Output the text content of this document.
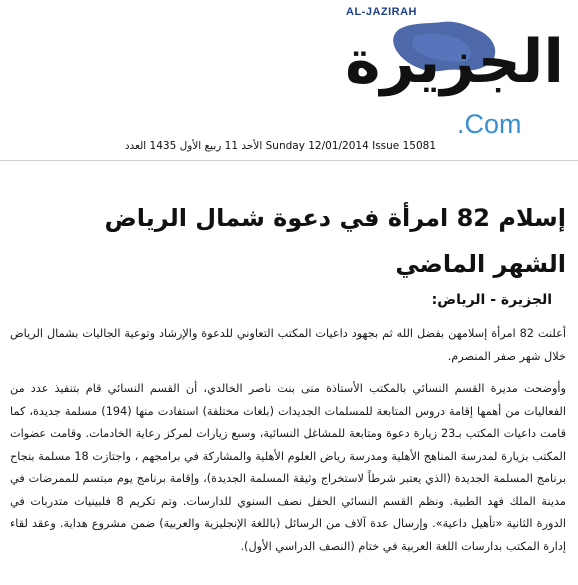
AL-JAZIRAH
الجزيرة
.Com
Sunday 12/01/2014 Issue 15081 الأحد 11 ربيع الأول 1435 العدد
إسلام 82 امرأة في دعوة شمال الرياض الشهر الماضي
الجزيرة - الرياض:

أعلنت 82 امرأة إسلامهن بفضل الله ثم بجهود داعيات المكتب التعاوني للدعوة والإرشاد وتوعية الجاليات بشمال الرياض خلال شهر صفر المنصرم.

وأوضحت مديرة القسم النسائي بالمكتب الأستاذة منى بنت ناصر الخالدي، أن القسم النسائي قام بتنفيذ عدد من الفعاليات من أهمها إقامة دروس المتابعة للمسلمات الجديدات (بلغات مختلفة) استفادت منها (194) مسلمة جديدة، كما قامت داعيات المكتب بـ23 زيارة دعوة ومتابعة للمشاغل النسائية، وسبع زيارات لمركز رعاية الخادمات. وقامت عضوات المكتب بزيارة لمدرسة المناهج الأهلية ومدرسة رياض العلوم الأهلية والمشاركة في برامجهم ، واجتازت 18 مسلمة بنجاح برنامج المسلمة الجديدة (الذي يعتبر شرطاً لاستخراج وثيقة المسلمة الجديدة)، وإقامة برنامج يوم مبتسم للممرضات في مدينة الملك فهد الطبية. ونظم القسم النسائي الحفل نصف السنوي للدارسات. وتم تكريم 8 فلبينيات متدربات في الدورة الثانية «تأهيل داعية». وإرسال عدة آلاف من الرسائل (باللغة الإنجليزية والعربية) ضمن مشروع هداية. وعقد لقاء إدارة المكتب بدارسات اللغة العربية في ختام (النصف الدراسي الأول).
